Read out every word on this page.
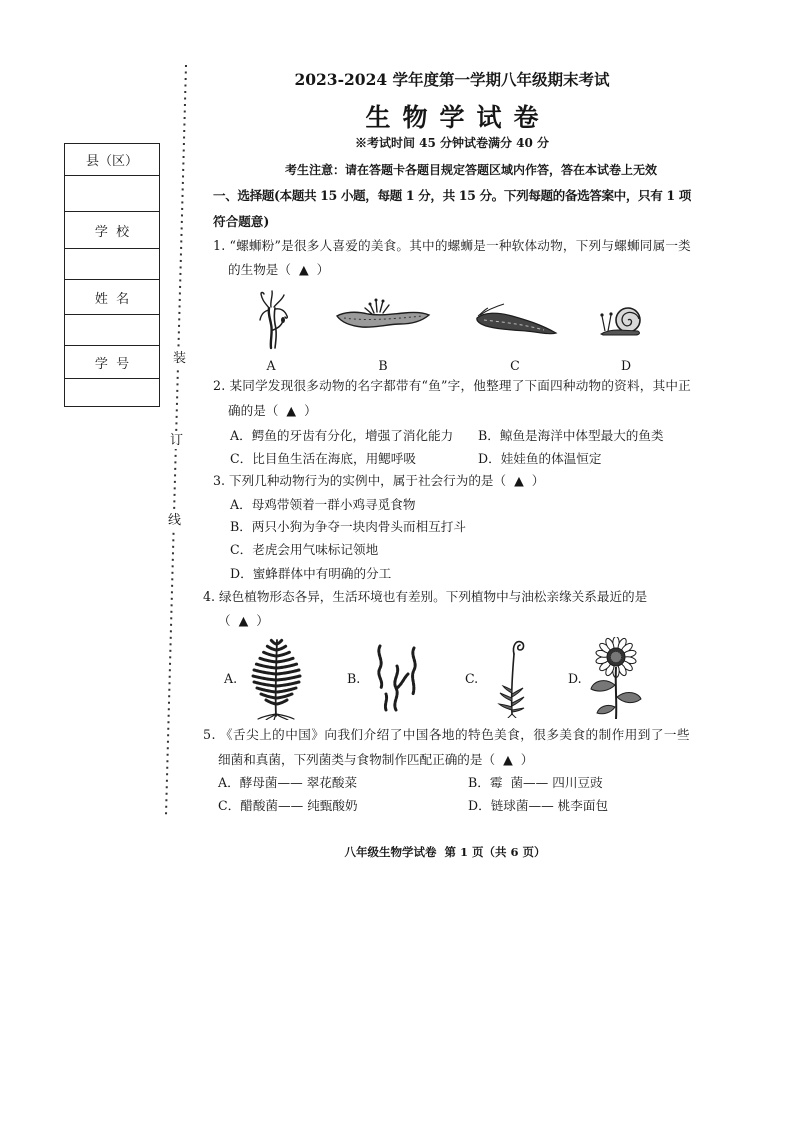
县（区）
学  校
姓  名
学  号	装
订
线
2023-2024 学年度第一学期八年级期末考试
生物学试卷
※考试时间 45 分钟试卷满分 40 分
考生注意：请在答题卡各题目规定答题区域内作答，答在本试卷上无效
一、选择题(本题共 15 小题，每题 1 分，共 15 分。下列每题的备选答案中，只有 1 项
符合题意)
1. “螺蛳粉”是很多人喜爱的美食。其中的螺蛳是一种软体动物，下列与螺蛳同属一类
的生物是（  ▲  ）
A	B	C	D
2. 某同学发现很多动物的名字都带有“鱼”字，他整理了下面四种动物的资料，其中正
确的是（  ▲  ）
A．鳄鱼的牙齿有分化，增强了消化能力 B．鲸鱼是海洋中体型最大的鱼类
C．比目鱼生活在海底，用鳃呼吸	D．娃娃鱼的体温恒定
3. 下列几种动物行为的实例中，属于社会行为的是（  ▲  ）
A．母鸡带领着一群小鸡寻觅食物
B．两只小狗为争夺一块肉骨头而相互打斗
C．老虎会用气味标记领地
D．蜜蜂群体中有明确的分工
4. 绿色植物形态各异，生活环境也有差别。下列植物中与油松亲缘关系最近的是
（  ▲  ）
A.	B.	C.	D.
5. 《舌尖上的中国》向我们介绍了中国各地的特色美食，很多美食的制作用到了一些
细菌和真菌，下列菌类与食物制作匹配正确的是（  ▲  ）
A．酵母菌—— 翠花酸菜	B．霉  菌—— 四川豆豉
C．醋酸菌—— 纯甄酸奶	D．链球菌—— 桃李面包
八年级生物学试卷  第 1 页（共 6 页）
